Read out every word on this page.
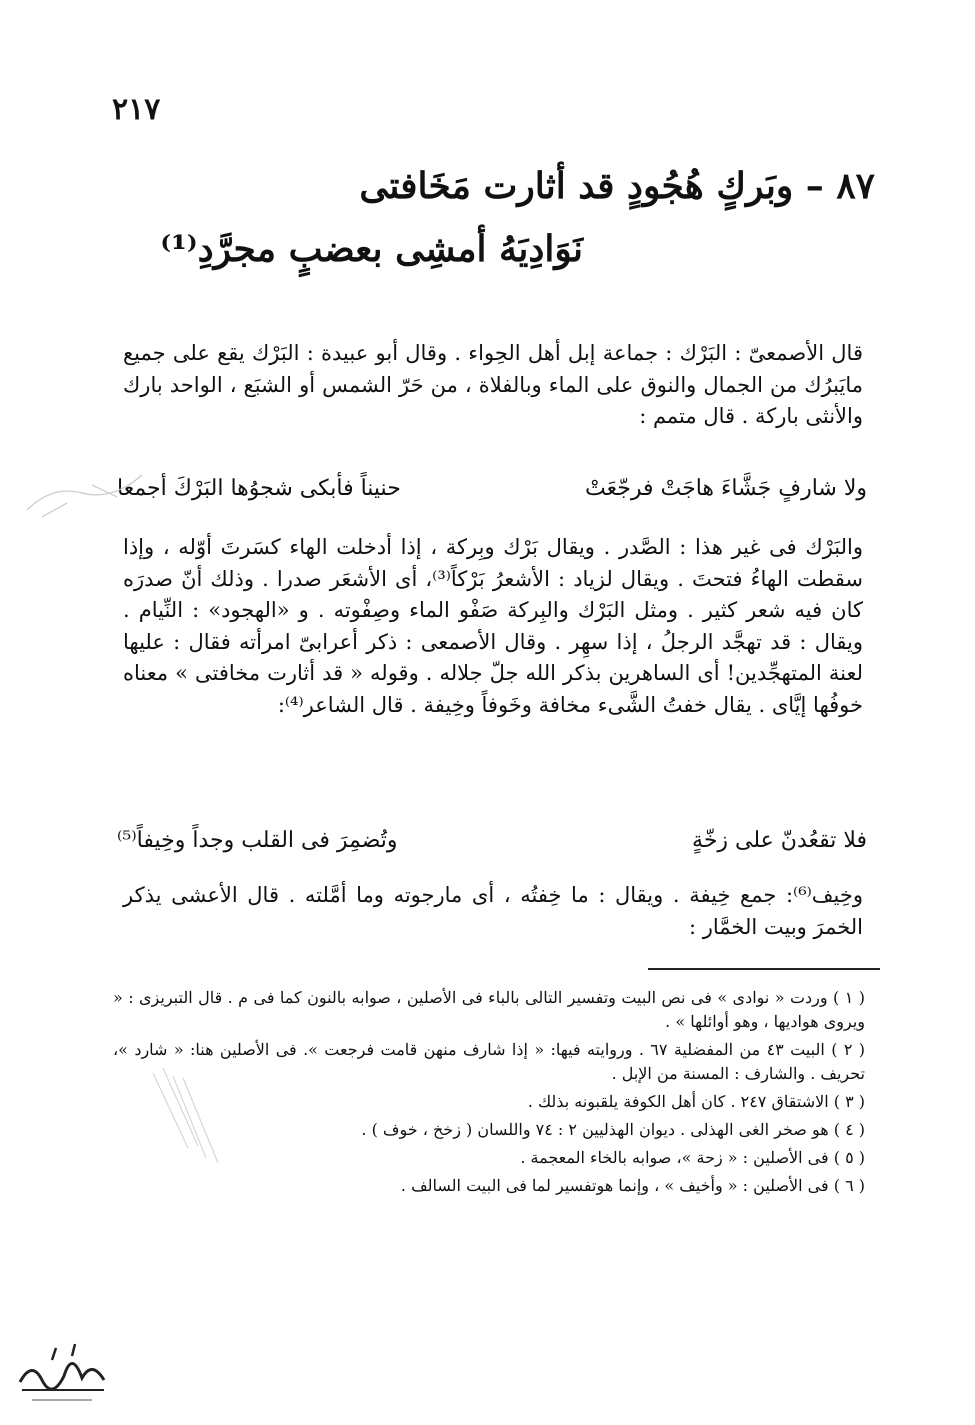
٢١٧
٨٧ – وبَركٍ هُجُودٍ قد أثارت مَخَافتى
نَوَادِيَهُ أمشِى بعضبٍ مجرَّدِ⁽¹⁾
قال الأصمعىّ : البَرْك : جماعة إبل أهل الحِواء . وقال أبو عبيدة : البَرْك يقع على جميع مايَبرُك من الجمال والنوق على الماء وبالفلاة ، من حَرّ الشمس أو الشبَع ، الواحد بارك والأنثى باركة . قال متمم :
ولا شارفٍ جَشَّاءَ هاجَتْ فرجّعَتْ
حنيناً فأبكى شجوُها البَرْكَ أجمعا
والبَرْك فى غير هذا : الصَّدر . ويقال بَرْك وبِركة ، إذا أدخلت الهاء كسَرتَ أوّله ، وإذا سقطت الهاءُ فتحتَ . ويقال لزياد : الأشعرُ بَرْكاً⁽³⁾، أى الأشعَر صدرا . وذلك أنّ صدرَه كان فيه شعر كثير . ومثل البَرْك والبِركة صَفْو الماء وصِفْوته . و «الهجود» : النِّيام . ويقال : قد تهجَّد الرجلُ ، إذا سهِر . وقال الأصمعى : ذكر أعرابىّ امرأته فقال : عليها لعنة المتهجِّدين! أى الساهرين بذكر الله جلّ جلاله . وقوله « قد أثارت مخافتى » معناه خوفُها إيَّاى . يقال خفتُ الشَّىء مخافة وخَوفاً وخِيفة . قال الشاعر⁽⁴⁾:
فلا تقعُدنّ على زخّةٍ
وتُضمِرَ فى القلب وجداً وخِيفاً⁽⁵⁾
وخِيف⁽⁶⁾: جمع خِيفة . ويقال : ما خِفتُه ، أى مارجوته وما أمَّلته . قال الأعشى يذكر الخمرَ وبيت الخمَّار :

( ١ ) وردت « نوادى » فى نص البيت وتفسير التالى بالباء فى الأصلين ، صوابه بالنون كما فى م . قال التبريزى : « ويروى هواديها ، وهو أوائلها » .

( ٢ ) البيت ٤٣ من المفضلية ٦٧ . وروايته فيها: « إذا شارف منهن قامت فرجعت ». فى الأصلين هنا: « شارد »، تحريف . والشارف : المسنة من الإبل .

( ٣ ) الاشتقاق ٢٤٧ . كان أهل الكوفة يلقبونه بذلك .

( ٤ ) هو صخر الغى الهذلى . ديوان الهذليين ٢ : ٧٤ واللسان ( زخخ ، خوف ) .

( ٥ ) فى الأصلين : « زحة »، صوابه بالخاء المعجمة .

( ٦ ) فى الأصلين : « وأخيف » ، وإنما هوتفسير لما فى البيت السالف .
